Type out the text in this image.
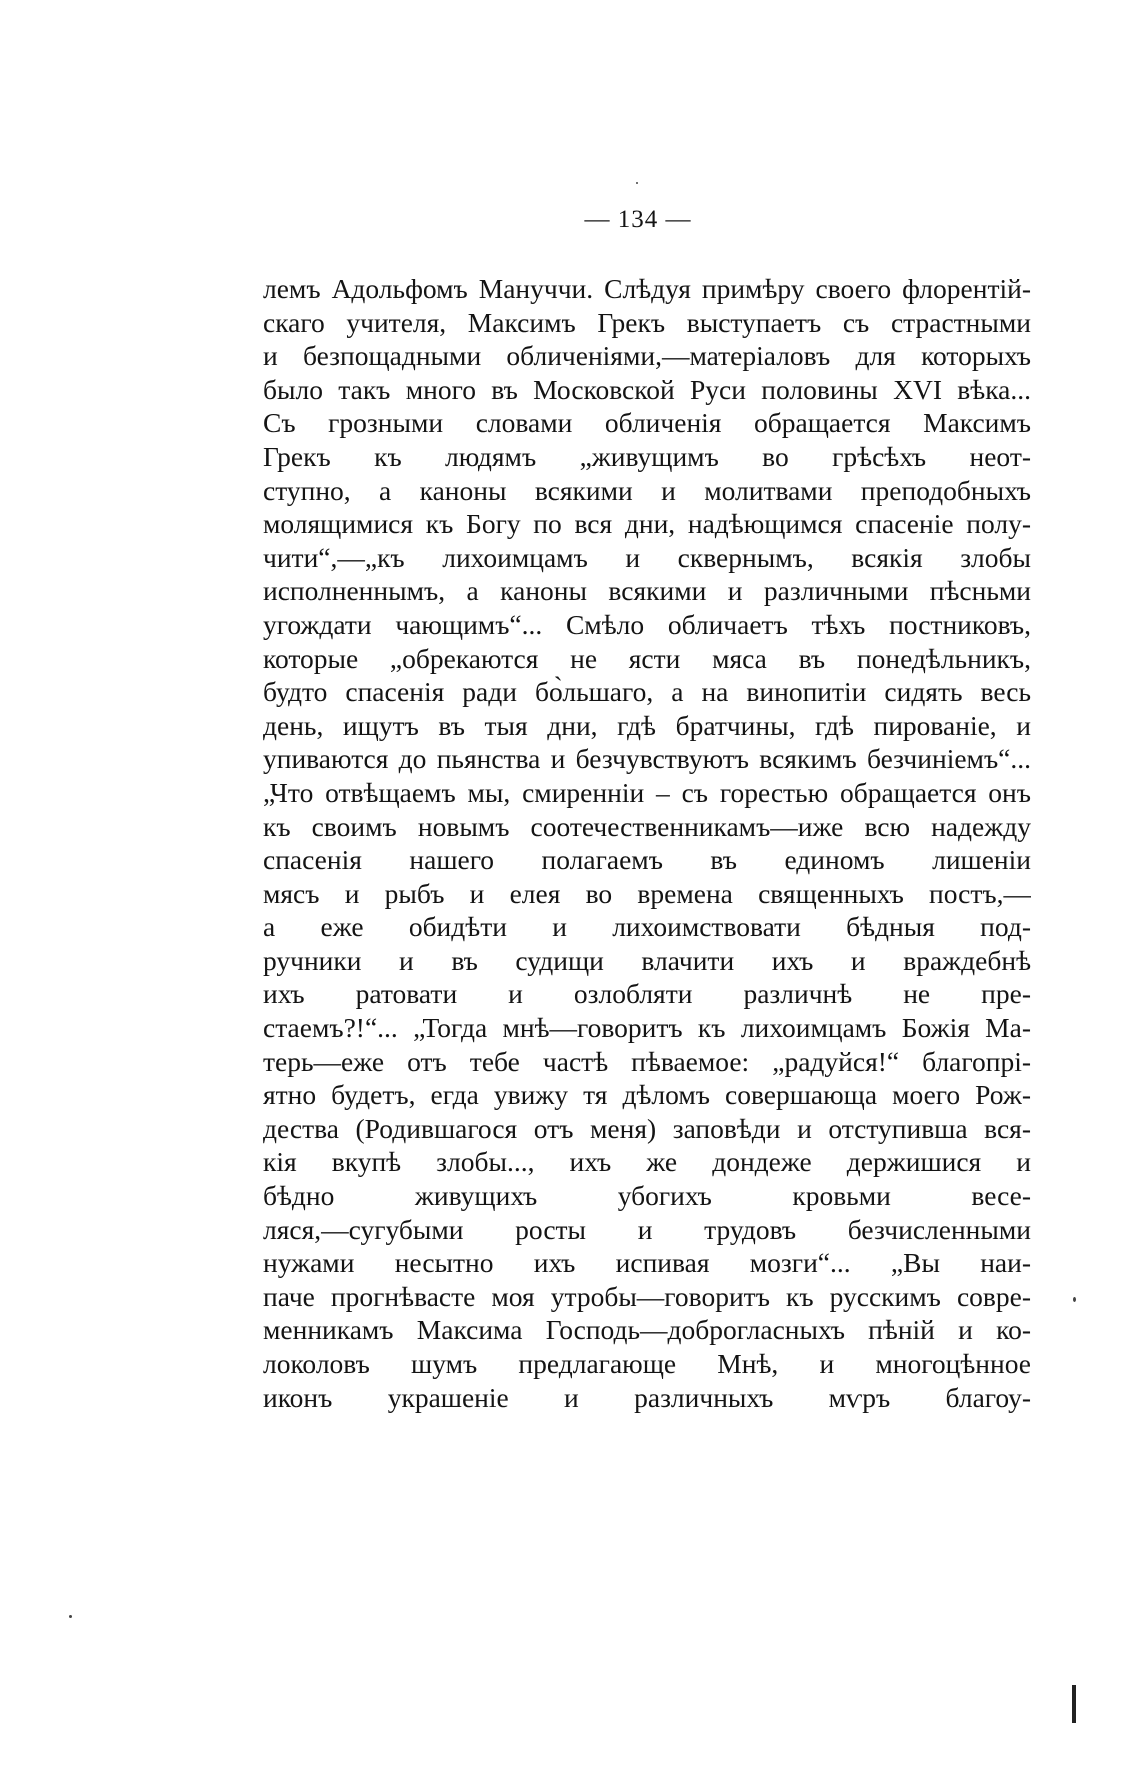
— 134 —
лемъ Адольфомъ Мануччи. Слѣдуя примѣру своего флорентій-
скаго учителя, Максимъ Грекъ выступаетъ съ страстными
и безпощадными обличеніями,—матеріаловъ для которыхъ
было такъ много въ Московской Руси половины XVI вѣка...
Съ грозными словами обличенія обращается Максимъ
Грекъ къ людямъ „живущимъ во грѣсѣхъ неот-
ступно, а каноны всякими и молитвами преподобныхъ
молящимися къ Богу по вся дни, надѣющимся спасеніе полу-
чити“,—„къ лихоимцамъ и сквернымъ, всякія злобы
исполненнымъ, а каноны всякими и различными пѣсньми
угождати чающимъ“... Смѣло обличаетъ тѣхъ постниковъ,
которые „обрекаются не ясти мяса въ понедѣльникъ,
будто спасенія ради бо̀льшаго, а на винопитіи сидять весь
день, ищутъ въ тыя дни, гдѣ братчины, гдѣ пированіе, и
упиваются до пьянства и безчувствуютъ всякимъ безчиніемъ“...
„Что отвѣщаемъ мы, смиренніи – съ горестью обращается онъ
къ своимъ новымъ соотечественникамъ—иже всю надежду
спасенія нашего полагаемъ въ единомъ лишеніи
мясъ и рыбъ и елея во времена священныхъ постъ,—
а еже обидѣти и лихоимствовати бѣдныя под-
ручники и въ судищи влачити ихъ и враждебнѣ
ихъ ратовати и озлобляти различнѣ не пре-
стаемъ?!“... „Тогда мнѣ—говоритъ къ лихоимцамъ Божія Ма-
терь—еже отъ тебе частѣ пѣваемое: „радуйся!“ благопрі-
ятно будетъ, егда увижу тя дѣломъ совершающа моего Рож-
дества (Родившагося отъ меня) заповѣди и отступивша вся-
кія вкупѣ злобы..., ихъ же дондеже держишися и
бѣдно живущихъ убогихъ кровьми весе-
ляся,—сугубыми росты и трудовъ безчисленными
нужами несытно ихъ испивая мозги“... „Вы наи-
паче прогнѣвасте моя утробы—говоритъ къ русскимъ совре-
менникамъ Максима Господь—доброгласныхъ пѣній и ко-
локоловъ шумъ предлагающе Мнѣ, и многоцѣнное
иконъ украшеніе и различныхъ мѵръ благоу-
